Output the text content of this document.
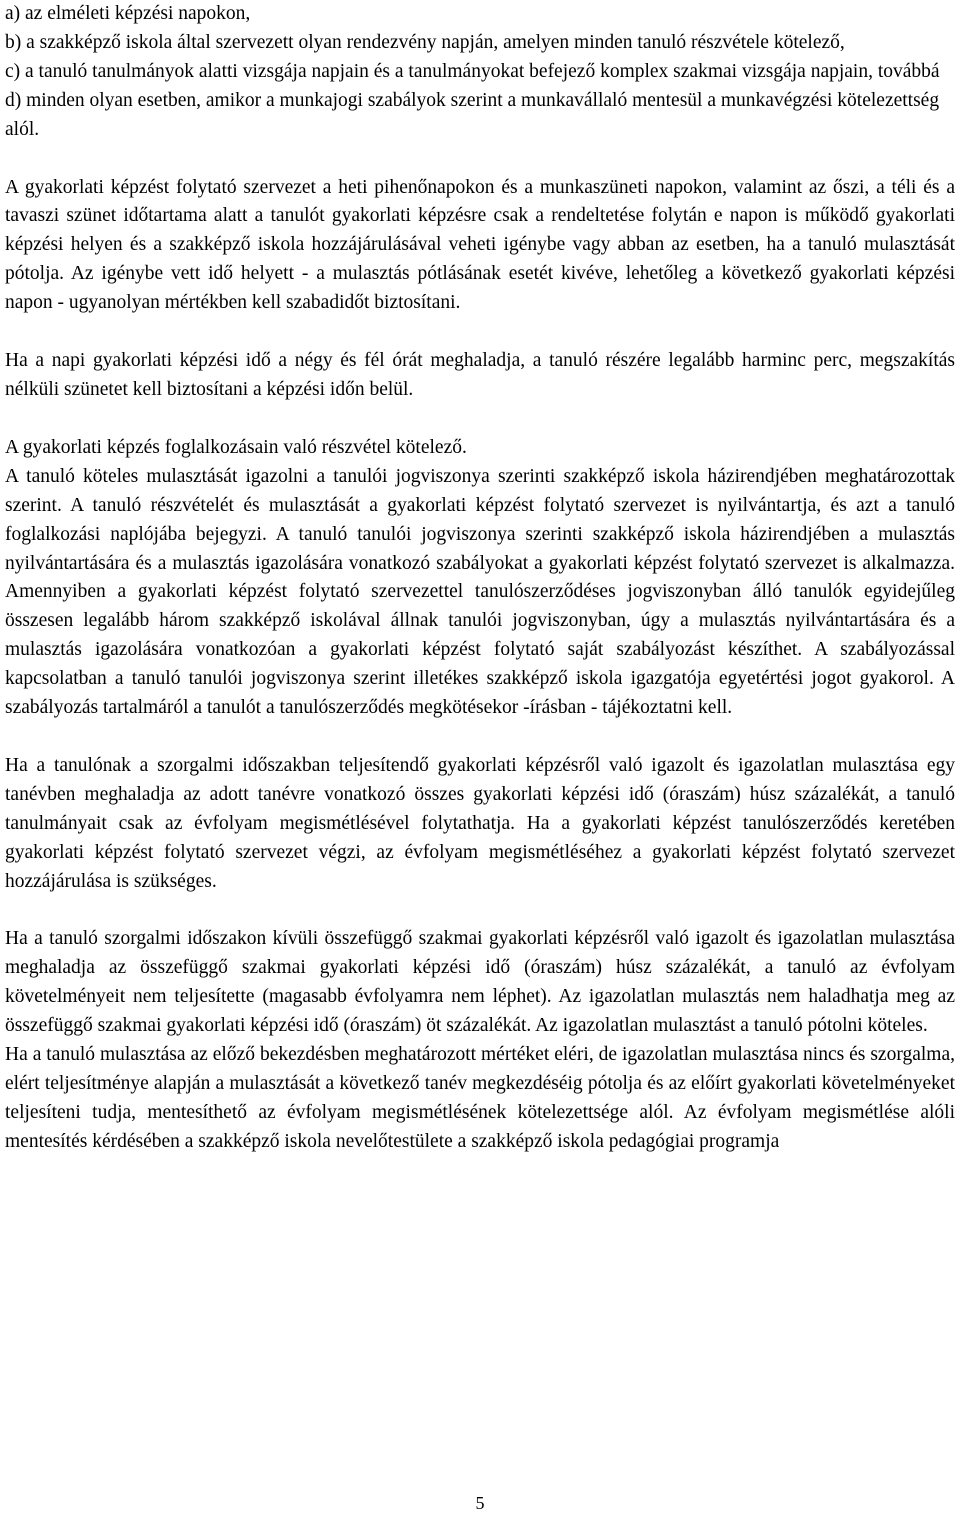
a) az elméleti képzési napokon,

b) a szakképző iskola által szervezett olyan rendezvény napján, amelyen minden tanuló részvétele kötelező,

c) a tanuló tanulmányok alatti vizsgája napjain és a tanulmányokat befejező komplex szakmai vizsgája napjain, továbbá

d) minden olyan esetben, amikor a munkajogi szabályok szerint a munkavállaló mentesül a munkavégzési kötelezettség alól.

A gyakorlati képzést folytató szervezet a heti pihenőnapokon és a munkaszüneti napokon, valamint az őszi, a téli és a tavaszi szünet időtartama alatt a tanulót gyakorlati képzésre csak a rendeltetése folytán e napon is működő gyakorlati képzési helyen és a szakképző iskola hozzájárulásával veheti igénybe vagy abban az esetben, ha a tanuló mulasztását pótolja. Az igénybe vett idő helyett - a mulasztás pótlásának esetét kivéve, lehetőleg a következő gyakorlati képzési napon - ugyanolyan mértékben kell szabadidőt biztosítani.

Ha a napi gyakorlati képzési idő a négy és fél órát meghaladja, a tanuló részére legalább harminc perc, megszakítás nélküli szünetet kell biztosítani a képzési időn belül.

A gyakorlati képzés foglalkozásain való részvétel kötelező.

A tanuló köteles mulasztását igazolni a tanulói jogviszonya szerinti szakképző iskola házirendjében meghatározottak szerint. A tanuló részvételét és mulasztását a gyakorlati képzést folytató szervezet is nyilvántartja, és azt a tanuló foglalkozási naplójába bejegyzi. A tanuló tanulói jogviszonya szerinti szakképző iskola házirendjében a mulasztás nyilvántartására és a mulasztás igazolására vonatkozó szabályokat a gyakorlati képzést folytató szervezet is alkalmazza. Amennyiben a gyakorlati képzést folytató szervezettel tanulószerződéses jogviszonyban álló tanulók egyidejűleg összesen legalább három szakképző iskolával állnak tanulói jogviszonyban, úgy a mulasztás nyilvántartására és a mulasztás igazolására vonatkozóan a gyakorlati képzést folytató saját szabályozást készíthet. A szabályozással kapcsolatban a tanuló tanulói jogviszonya szerint illetékes szakképző iskola igazgatója egyetértési jogot gyakorol. A szabályozás tartalmáról a tanulót a tanulószerződés megkötésekor -írásban - tájékoztatni kell.

Ha a tanulónak a szorgalmi időszakban teljesítendő gyakorlati képzésről való igazolt és igazolatlan mulasztása egy tanévben meghaladja az adott tanévre vonatkozó összes gyakorlati képzési idő (óraszám) húsz százalékát, a tanuló tanulmányait csak az évfolyam megismétlésével folytathatja. Ha a gyakorlati képzést tanulószerződés keretében gyakorlati képzést folytató szervezet végzi, az évfolyam megismétléséhez a gyakorlati képzést folytató szervezet hozzájárulása is szükséges.

Ha a tanuló szorgalmi időszakon kívüli összefüggő szakmai gyakorlati képzésről való igazolt és igazolatlan mulasztása meghaladja az összefüggő szakmai gyakorlati képzési idő (óraszám) húsz százalékát, a tanuló az évfolyam követelményeit nem teljesítette (magasabb évfolyamra nem léphet). Az igazolatlan mulasztás nem haladhatja meg az összefüggő szakmai gyakorlati képzési idő (óraszám) öt százalékát. Az igazolatlan mulasztást a tanuló pótolni köteles.

Ha a tanuló mulasztása az előző bekezdésben meghatározott mértéket eléri, de igazolatlan mulasztása nincs és szorgalma, elért teljesítménye alapján a mulasztását a következő tanév megkezdéséig pótolja és az előírt gyakorlati követelményeket teljesíteni tudja, mentesíthető az évfolyam megismétlésének kötelezettsége alól. Az évfolyam megismétlése alóli mentesítés kérdésében a szakképző iskola nevelőtestülete a szakképző iskola pedagógiai programja

5
